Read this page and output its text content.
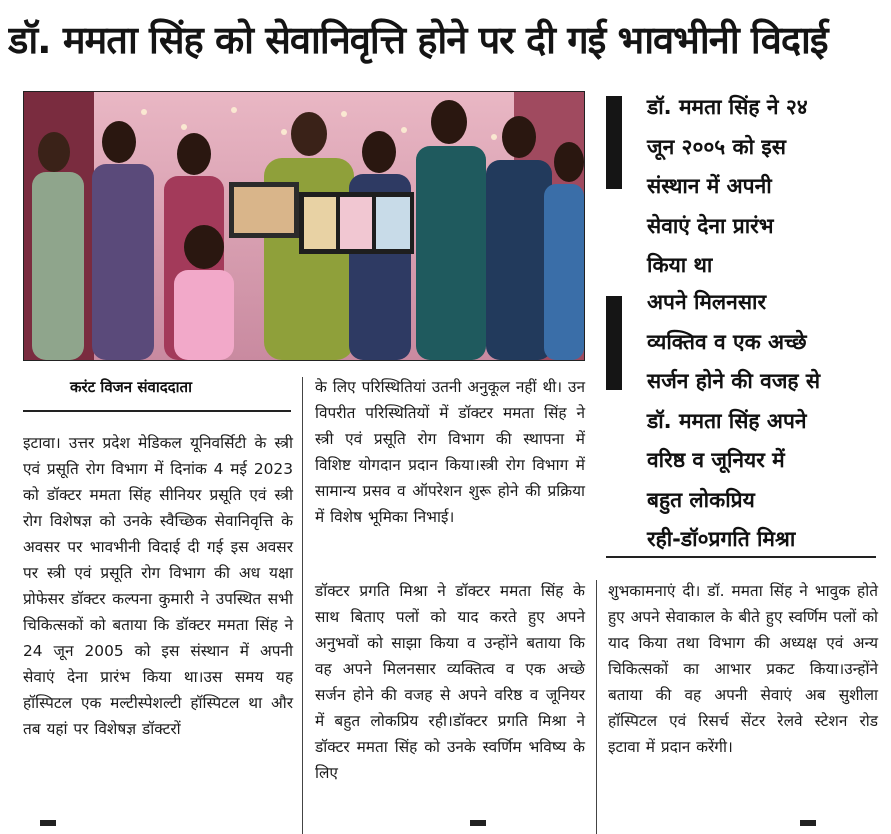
डॉ. ममता सिंह को सेवानिवृत्ति होने पर दी गई भावभीनी विदाई
करंट विजन संवाददाता
इटावा। उत्तर प्रदेश मेडिकल यूनिवर्सिटी के स्त्री एवं प्रसूति रोग विभाग में दिनांक 4 मई 2023 को डॉक्टर ममता सिंह सीनियर प्रसूति एवं स्त्री रोग विशेषज्ञ को उनके स्वैच्छिक सेवानिवृत्ति के अवसर पर भावभीनी विदाई दी गई इस अवसर पर स्त्री एवं प्रसूति रोग विभाग की अध यक्षा प्रोफेसर डॉक्टर कल्पना कुमारी ने उपस्थित सभी चिकित्सकों को बताया कि डॉक्टर ममता सिंह ने 24 जून 2005 को इस संस्थान में अपनी सेवाएं देना प्रारंभ किया था।उस समय यह हॉस्पिटल एक मल्टीस्पेशल्टी हॉस्पिटल था और तब यहां पर विशेषज्ञ डॉक्टरों
के लिए परिस्थितियां उतनी अनुकूल नहीं थी। उन विपरीत परिस्थितियों में डॉक्टर ममता सिंह ने स्त्री एवं प्रसूति रोग विभाग की स्थापना में विशिष्ट योगदान प्रदान किया।स्त्री रोग विभाग में सामान्य प्रसव व ऑपरेशन शुरू होने की प्रक्रिया में विशेष भूमिका निभाई।
डॉक्टर प्रगति मिश्रा ने डॉक्टर ममता सिंह के साथ बिताए पलों को याद करते हुए अपने अनुभवों को साझा किया व उन्होंने बताया कि वह अपने मिलनसार व्यक्तित्व व एक अच्छे सर्जन होने की वजह से अपने वरिष्ठ व जूनियर में बहुत लोकप्रिय रही।डॉक्टर प्रगति मिश्रा ने डॉक्टर ममता सिंह को उनके स्वर्णिम भविष्य के लिए
शुभकामनाएं दी। डॉ. ममता सिंह ने भावुक होते हुए अपने सेवाकाल के बीते हुए स्वर्णिम पलों को याद किया तथा विभाग की अध्यक्ष एवं अन्य चिकित्सकों का आभार प्रकट किया।उन्होंने बताया की वह अपनी सेवाएं अब सुशीला हॉस्पिटल एवं रिसर्च सेंटर रेलवे स्टेशन रोड इटावा में प्रदान करेंगी।
डॉ. ममता सिंह ने २४
जून २००५ को इस
संस्थान में अपनी
सेवाएं देना प्रारंभ
किया था
अपने मिलनसार
व्यक्तिव व एक अच्छे
सर्जन होने की वजह से
डॉ. ममता सिंह अपने
वरिष्ठ व जूनियर में
बहुत लोकप्रिय
रही-डॉ०प्रगति मिश्रा
